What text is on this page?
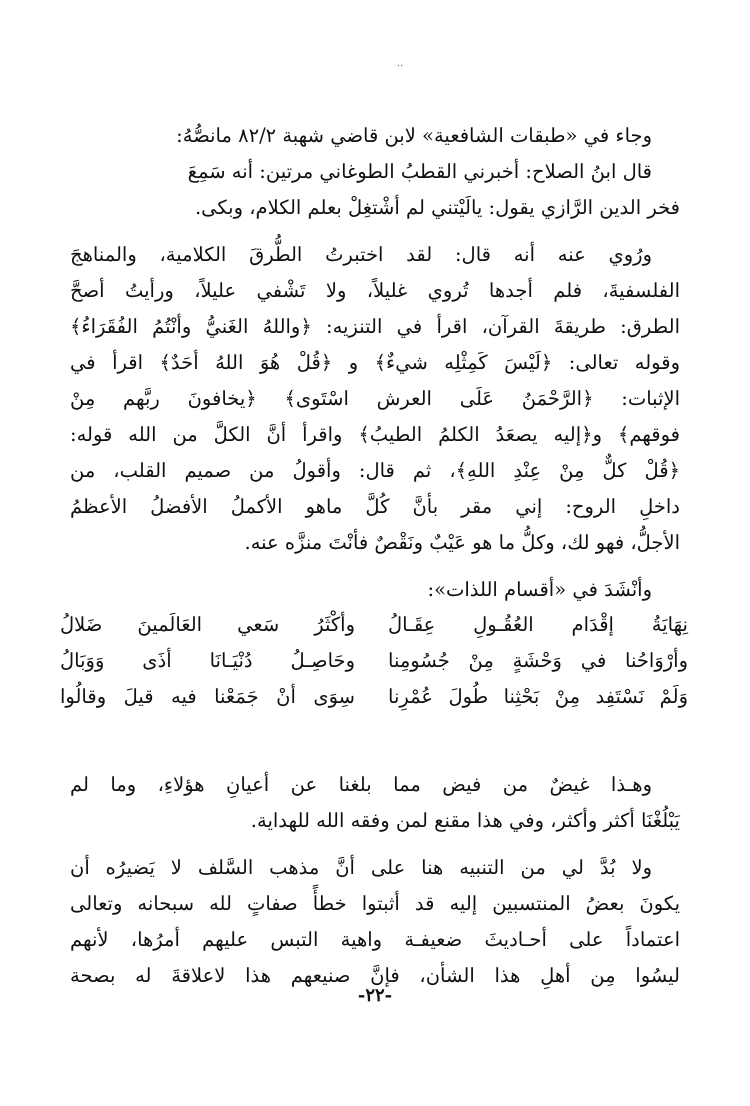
..
وجاء في «طبقات الشافعية» لابن قاضي شهبة ٨٢/٢ مانصُّهُ:
قال ابنُ الصلاح: أخبرني القطبُ الطوغاني مرتين: أنه سَمِعَ
فخر الدين الرَّازي يقول: يالَيْتني لم أشْتغِلْ بعلم الكلام، وبكى.
ورُوي عنه أنه قال: لقد اختبرتُ الطُّرقَ الكلامية، والمناهجَ
الفلسفيةَ، فلم أجدها تُروي غليلاً، ولا تَشْفي عليلاً، ورأيتُ أصحَّ
الطرق: طريقةَ القرآن، اقرأ في التنزيه: ﴿واللهُ الغَنيُّ وأنْتُمُ الفُقَرَاءُ﴾
وقوله تعالى: ﴿لَيْسَ كَمِثْلِه شيءٌ﴾ و ﴿قُلْ هُوَ اللهُ أحَدٌ﴾ اقرأ في
الإثبات: ﴿الرَّحْمَنُ عَلَى العرش اسْتَوى﴾ ﴿يخافونَ ربَّهم مِنْ
فوقهم﴾ و﴿إليه يصعَدُ الكلمُ الطيبُ﴾ واقرأ أنَّ الكلَّ من الله قوله:
﴿قُلْ كلٌّ مِنْ عِنْدِ اللهِ﴾، ثم قال: وأقولُ من صميم القلب، من
داخلِ الروح: إني مقر بأنَّ كُلَّ ماهو الأكملُ الأفضلُ الأعظمُ
الأجلُّ، فهو لك، وكلُّ ما هو عَيْبٌ ونَقْصٌ فأنْتَ منزَّه عنه.
وأنْشَدَ في «أقسام اللذات»:
نِهَايَةُ إقْدَام العُقُـولِ عِقَـالُ
وأكْثَرُ سَعي العَالَمينَ ضَلالُ
وأرْوَاحُنا في وَحْشَةٍ مِنْ جُسُومِنا
وحَاصِـلُ دُنْيَـانَا أذَى وَوَبَالُ
وَلَمْ نَسْتَفِد مِنْ بَحْثِنا طُولَ عُمْرِنا
سِوَى أنْ جَمَعْنا فيه قيلَ وقالُوا
وهـذا غيضٌ من فيض مما بلغنا عن أعيانِ هؤلاءِ، وما لم
يَبْلُغْنَا أكثر وأكثر، وفي هذا مقنع لمن وفقه الله للهداية.
ولا بُدَّ لي من التنبيه هنا على أنَّ مذهب السَّلف لا يَضيرُه أن
يكونَ بعضُ المنتسبين إليه قد أثبتوا خطأً صفاتٍ لله سبحانه وتعالى
اعتماداً على أحـاديثَ ضعيفـة واهية التبس عليهم أمرُها، لأنهم
ليسُوا مِن أهلِ هذا الشأن، فإنَّ صنيعهم هذا لاعلاقةَ له بصحة
-٢٢-
